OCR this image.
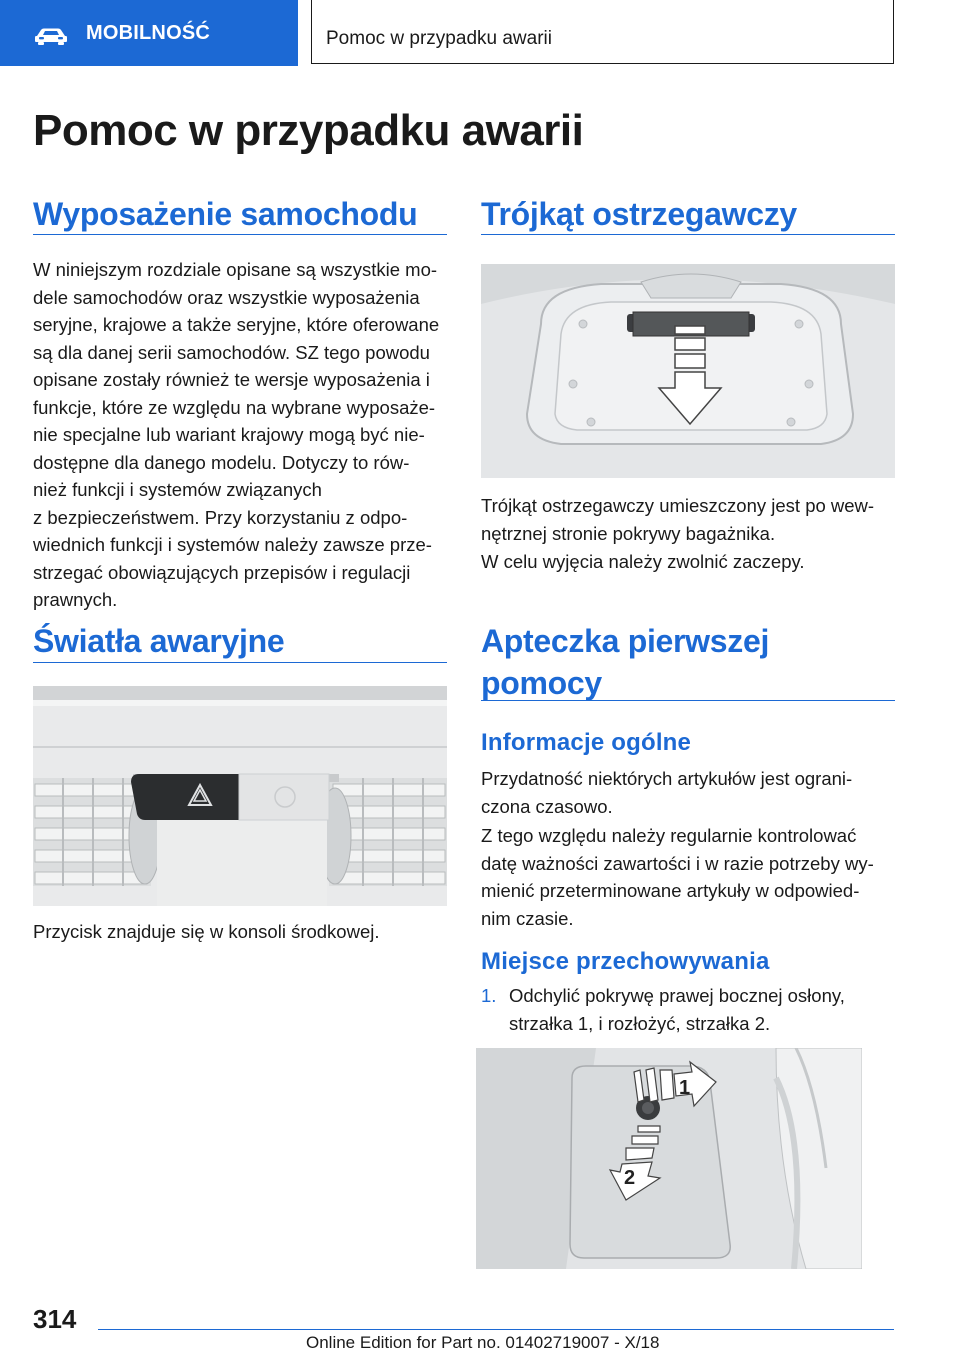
MOBILNOŚĆ	Pomoc w przypadku awarii
Pomoc w przypadku awarii
Wyposażenie samochodu
W niniejszym rozdziale opisane są wszystkie mo-
dele samochodów oraz wszystkie wyposażenia
seryjne, krajowe a także seryjne, które oferowane
są dla danej serii samochodów. SZ tego powodu
opisane zostały również te wersje wyposażenia i
funkcje, które ze względu na wybrane wyposaże-
nie specjalne lub wariant krajowy mogą być nie-
dostępne dla danego modelu. Dotyczy to rów-
nież funkcji i systemów związanych
z bezpieczeństwem. Przy korzystaniu z odpo-
wiednich funkcji i systemów należy zawsze prze-
strzegać obowiązujących przepisów i regulacji
prawnych.
Światła awaryjne
Przycisk znajduje się w konsoli środkowej.
Trójkąt ostrzegawczy
Trójkąt ostrzegawczy umieszczony jest po wew-
nętrznej stronie pokrywy bagażnika.
W celu wyjęcia należy zwolnić zaczepy.
Apteczka pierwszej
pomocy
Informacje ogólne
Przydatność niektórych artykułów jest ograni-
czona czasowo.
Z tego względu należy regularnie kontrolować
datę ważności zawartości i w razie potrzeby wy-
mienić przeterminowane artykuły w odpowied-
nim czasie.
Miejsce przechowywania
1. Odchylić pokrywę prawej bocznej osłony,
strzałka 1, i rozłożyć, strzałka 2.
1
2
314
Online Edition for Part no. 01402719007 - X/18
